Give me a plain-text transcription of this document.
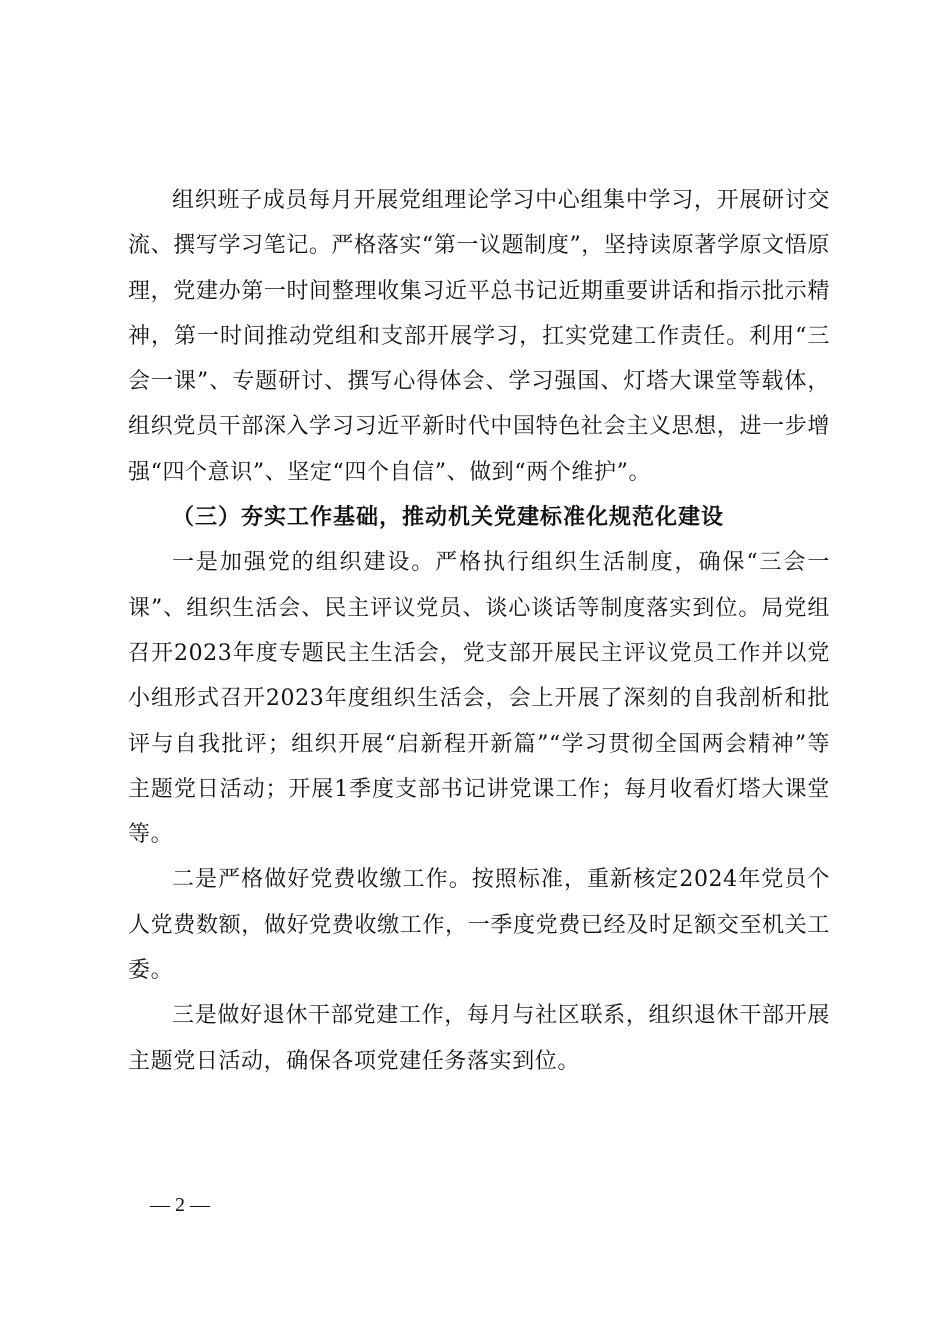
组织班子成员每月开展党组理论学习中心组集中学习，开展研讨交流、撰写学习笔记。严格落实“第一议题制度”，坚持读原著学原文悟原理，党建办第一时间整理收集习近平总书记近期重要讲话和指示批示精神，第一时间推动党组和支部开展学习，扛实党建工作责任。利用“三会一课”、专题研讨、撰写心得体会、学习强国、灯塔大课堂等载体，组织党员干部深入学习习近平新时代中国特色社会主义思想，进一步增强“四个意识”、坚定“四个自信”、做到“两个维护”。

（三）夯实工作基础，推动机关党建标准化规范化建设

一是加强党的组织建设。严格执行组织生活制度，确保“三会一课”、组织生活会、民主评议党员、谈心谈话等制度落实到位。局党组召开2023年度专题民主生活会，党支部开展民主评议党员工作并以党小组形式召开2023年度组织生活会，会上开展了深刻的自我剖析和批评与自我批评；组织开展“启新程开新篇”“学习贯彻全国两会精神”等主题党日活动；开展1季度支部书记讲党课工作；每月收看灯塔大课堂等。

二是严格做好党费收缴工作。按照标准，重新核定2024年党员个人党费数额，做好党费收缴工作，一季度党费已经及时足额交至机关工委。

三是做好退休干部党建工作，每月与社区联系，组织退休干部开展主题党日活动，确保各项党建任务落实到位。

— 2 —
